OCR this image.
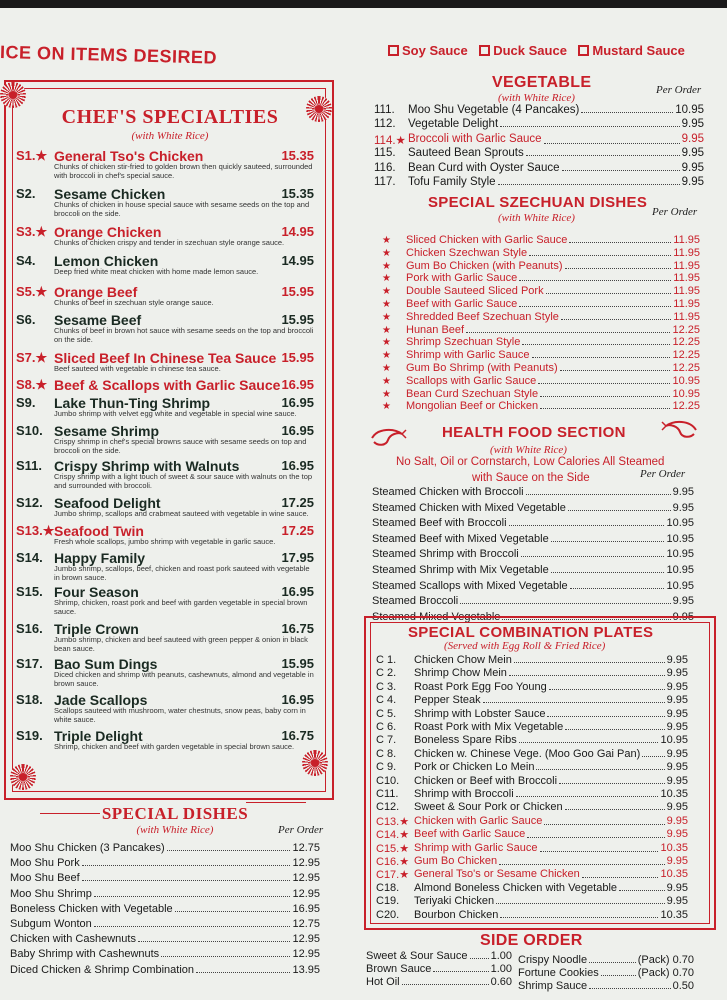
ICE ON ITEMS DESIRED
CHEF'S SPECIALTIES
(with White Rice)
S1.★ General Tso's Chicken	15.35
Chunks of chicken stir-fried to golden brown then quickly sauteed, surrounded with broccoli in chef's special sauce.
S2.	Sesame Chicken	15.35
Chunks of chicken in house special sauce with sesame seeds on the top and broccoli on the side.
S3.★ Orange Chicken	14.95
Chunks of chicken crispy and tender in szechuan style orange sauce.
S4.	Lemon Chicken	14.95
Deep fried white meat chicken with home made lemon sauce.
S5.★ Orange Beef	15.95
Chunks of beef in szechuan style orange sauce.
S6.	Sesame Beef	15.95
Chunks of beef in brown hot sauce with sesame seeds on the top and broccoli on the side.
S7.★ Sliced Beef In Chinese Tea Sauce 15.95
Beef sauteed with vegetable in chinese tea sauce.
S8.★ Beef & Scallops with Garlic Sauce 16.95
S9.	Lake Thun-Ting Shrimp	16.95
Jumbo shrimp with velvet egg white and vegetable in special wine sauce.
S10. Sesame Shrimp	16.95
Crispy shrimp in chef's special browns sauce with sesame seeds on top and broccoli on the side.
S11. Crispy Shrimp with Walnuts	16.95
Crispy shrimp with a light touch of sweet & sour sauce with walnuts on the top and surrounded with broccoli.
S12. Seafood Delight	17.25
Jumbo shrimp, scallops and crabmeat sauteed with vegetable in wine sauce.
S13.★ Seafood Twin	17.25
Fresh whole scallops, jumbo shrimp with vegetable in garlic sauce.
S14. Happy Family	17.95
Jumbo shrimp, scallops, beef, chicken and roast pork sauteed with vegetable in brown sauce.
S15. Four Season	16.95
Shrimp, chicken, roast pork and beef with garden vegetable in special brown sauce.
S16. Triple Crown	16.75
Jumbo shrimp, chicken and beef sauteed with green pepper & onion in black bean sauce.
S17. Bao Sum Dings	15.95
Diced chicken and shrimp with peanuts, cashewnuts, almond and vegetable in brown sauce.
S18. Jade Scallops	16.95
Scallops sauteed with mushroom, water chestnuts, snow peas, baby corn in white sauce.
S19. Triple Delight	16.75
Shrimp, chicken and beef with garden vegetable in special brown sauce.
SPECIAL DISHES
(with White Rice)	Per Order
Moo Shu Chicken (3 Pancakes)	12.75
Moo Shu Pork	12.95
Moo Shu Beef	12.95
Moo Shu Shrimp	12.95
Boneless Chicken with Vegetable	16.95
Subgum Wonton	12.75
Chicken with Cashewnuts	12.95
Baby Shrimp with Cashewnuts	12.95
Diced Chicken & Shrimp Combination	13.95
Soy Sauce Duck Sauce Mustard Sauce
VEGETABLE
(with White Rice)
Per Order
111.	Moo Shu Vegetable (4 Pancakes)	10.95
112.	Vegetable Delight	9.95
114.★ Broccoli with Garlic Sauce	9.95
115.	Sauteed Bean Sprouts	9.95
116.	Bean Curd with Oyster Sauce	9.95
117.	Tofu Family Style	9.95
SPECIAL SZECHUAN DISHES
(with White Rice)	Per Order
Sliced Chicken with Garlic Sauce	11.95
★
Chicken Szechwan Style	11.95
★
Gum Bo Chicken (with Peanuts)	11.95
★
Pork with Garlic Sauce	11.95
★
Double Sauteed Sliced Pork	11.95
★
Beef with Garlic Sauce	11.95
★
Shredded Beef Szechuan Style	11.95
★
Hunan Beef	12.25
★
Shrimp Szechuan Style	12.25
★
Shrimp with Garlic Sauce	12.25
★
Gum Bo Shrimp (with Peanuts)	12.25
★
Scallops with Garlic Sauce	10.95
★
Bean Curd Szechuan Style	10.95
★
Mongolian Beef or Chicken	12.25
★
HEALTH FOOD SECTION
(with White Rice)
No Salt, Oil or Cornstarch, Low Calories All Steamed
with Sauce on the Side	Per Order
Steamed Chicken with Broccoli	9.95
Steamed Chicken with Mixed Vegetable	9.95
Steamed Beef with Broccoli	10.95
Steamed Beef with Mixed Vegetable	10.95
Steamed Shrimp with Broccoli	10.95
Steamed Shrimp with Mix Vegetable	10.95
Steamed Scallops with Mixed Vegetable	10.95
Steamed Broccoli	9.95
Steamed Mixed Vegetable	9.95
SPECIAL COMBINATION PLATES
(Served with Egg Roll & Fried Rice)
C 1.	Chicken Chow Mein	9.95
C 2.	Shrimp Chow Mein	9.95
C 3.	Roast Pork Egg Foo Young	9.95
C 4.	Pepper Steak	9.95
C 5.	Shrimp with Lobster Sauce	9.95
C 6.	Roast Pork with Mix Vegetable	9.95
C 7.	Boneless Spare Ribs	10.95
C 8.	Chicken w. Chinese Vege. (Moo Goo Gai Pan) 9.95
C 9.	Pork or Chicken Lo Mein	9.95
C10.	Chicken or Beef with Broccoli	9.95
C11.	Shrimp with Broccoli	10.35
C12.	Sweet & Sour Pork or Chicken	9.95
C13.★ Chicken with Garlic Sauce	9.95
C14.★ Beef with Garlic Sauce	9.95
C15.★ Shrimp with Garlic Sauce	10.35
C16.★ Gum Bo Chicken	9.95
C17.★ General Tso's or Sesame Chicken	10.35
C18.	Almond Boneless Chicken with Vegetable	9.95
C19.	Teriyaki Chicken	9.95
C20.	Bourbon Chicken	10.35
SIDE ORDER
Sweet & Sour Sauce 1.00
Brown Sauce	1.00
Hot Oil	0.60
Crispy Noodle	(Pack) 0.70
Fortune Cookies	(Pack) 0.70
Shrimp Sauce	0.50
